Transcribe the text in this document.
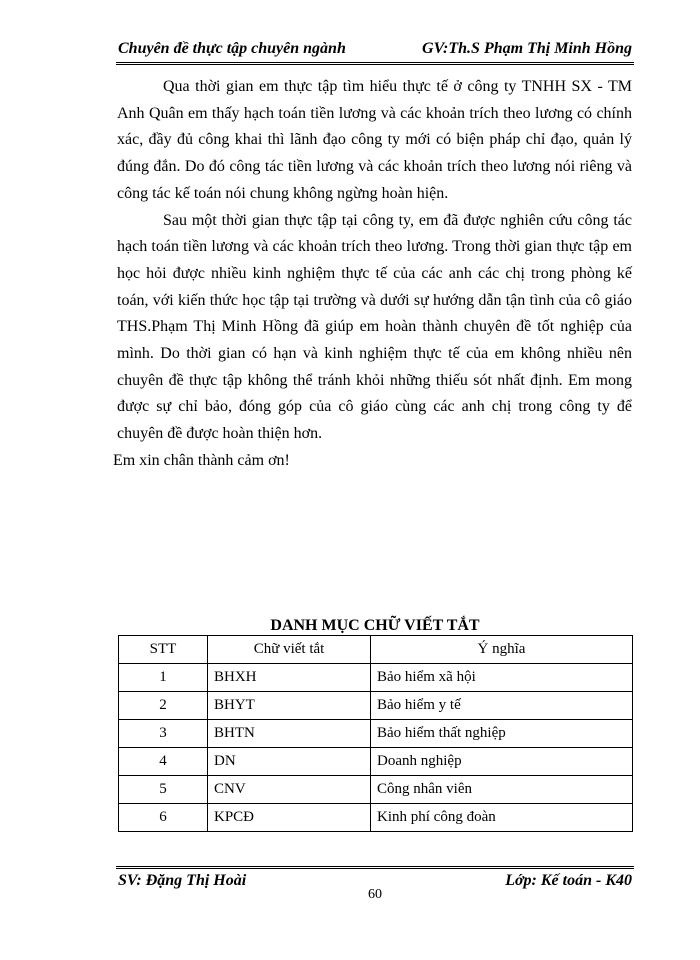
Chuyên đề thực tập chuyên ngành	GV:Th.S Phạm Thị Minh Hồng

Qua thời gian em thực tập tìm hiểu thực tế ở công ty TNHH SX - TM Anh Quân em thấy hạch toán tiền lương và các khoản trích theo lương có chính xác, đầy đủ công khai thì lãnh đạo công ty mới có biện pháp chỉ đạo, quản lý đúng đắn. Do đó công tác tiền lương và các khoản trích theo lương nói riêng và công tác kế toán nói chung không ngừng hoàn hiện.

Sau một thời gian thực tập tại công ty, em đã được nghiên cứu công tác hạch toán tiền lương và các khoản trích theo lương. Trong thời gian thực tập em học hỏi được nhiều kinh nghiệm thực tế của các anh các chị trong phòng kế toán, với kiến thức học tập tại trường và dưới sự hướng dẫn tận tình của cô giáo THS.Phạm Thị Minh Hồng đã giúp em hoàn thành chuyên đề tốt nghiệp của mình. Do thời gian có hạn và kinh nghiệm thực tế của em không nhiều nên chuyên đề thực tập không thể tránh khỏi những thiếu sót nhất định. Em mong được sự chỉ bảo, đóng góp của cô giáo cùng các anh chị trong công ty để chuyên đề được hoàn thiện hơn.

Em xin chân thành cảm ơn!

DANH MỤC CHỮ VIẾT TẮT
STT	Chữ viết tắt	Ý nghĩa
1	BHXH	Bảo hiểm xã hội
2	BHYT	Bảo hiểm y tế
3	BHTN	Bảo hiểm thất nghiệp
4	DN	Doanh nghiệp
5	CNV	Công nhân viên
6	KPCĐ	Kinh phí công đoàn
SV: Đặng Thị Hoài	Lớp: Kế toán - K40
60
